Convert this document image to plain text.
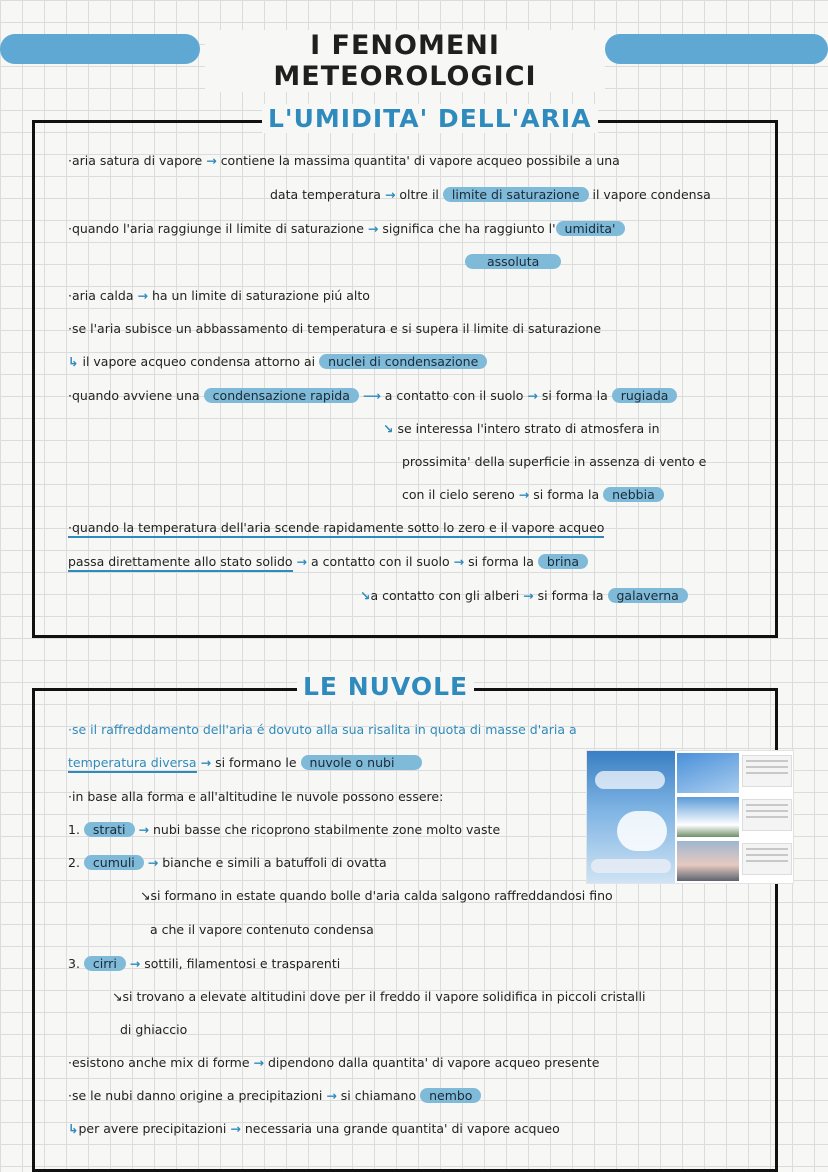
I FENOMENI METEOROLOGICI
L'UMIDITA' DELL'ARIA
·aria satura di vapore → contiene la massima quantita' di vapore acqueo possibile a una
data temperatura → oltre il limite di saturazione il vapore condensa
·quando l'aria raggiunge il limite di saturazione → significa che ha raggiunto l' umidita'
assoluta
·aria calda → ha un limite di saturazione piú alto
·se l'aria subisce un abbassamento di temperatura e si supera il limite di saturazione
↳ il vapore acqueo condensa attorno ai nuclei di condensazione
·quando avviene una condensazione rapida ⟶ a contatto con il suolo → si forma la rugiada
↘ se interessa l'intero strato di atmosfera in
prossimita' della superficie in assenza di vento e
con il cielo sereno → si forma la nebbia
·quando la temperatura dell'aria scende rapidamente sotto lo zero e il vapore acqueo
passa direttamente allo stato solido → a contatto con il suolo → si forma la brina
↘a contatto con gli alberi → si forma la galaverna
LE NUVOLE
·se il raffreddamento dell'aria é dovuto alla sua risalita in quota di masse d'aria a
temperatura diversa → si formano le nuvole o nubi
·in base alla forma e all'altitudine le nuvole possono essere:
1. strati → nubi basse che ricoprono stabilmente zone molto vaste
2. cumuli → bianche e simili a batuffoli di ovatta
↘si formano in estate quando bolle d'aria calda salgono raffreddandosi fino
a che il vapore contenuto condensa
3. cirri → sottili, filamentosi e trasparenti
↘si trovano a elevate altitudini dove per il freddo il vapore solidifica in piccoli cristalli
di ghiaccio
·esistono anche mix di forme → dipendono dalla quantita' di vapore acqueo presente
·se le nubi danno origine a precipitazioni → si chiamano nembo
↳per avere precipitazioni → necessaria una grande quantita' di vapore acqueo
